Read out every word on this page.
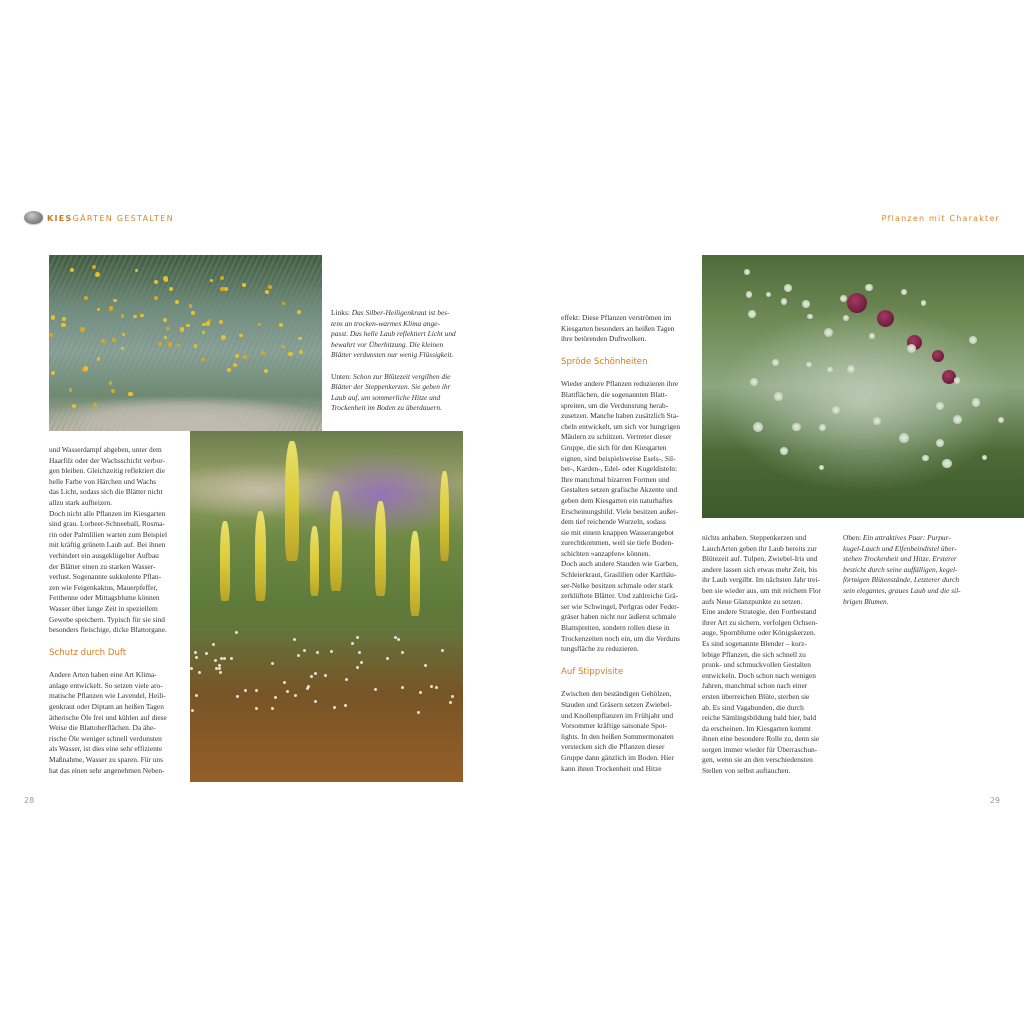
KIESGÄRTEN GESTALTEN	Pflanzen mit Charakter
Links: Das Silber-Heiligenkraut ist bes-
tens an trocken-warmes Klima ange-
passt. Das helle Laub reflektiert Licht und
bewahrt vor Überhitzung. Die kleinen
Blätter verdunsten nur wenig Flüssigkeit.

Unten: Schon zur Blütezeit vergilben die
Blätter der Steppenkerzen. Sie geben ihr
Laub auf, um sommerliche Hitze und
Trockenheit im Boden zu überdauern.
und Wasserdampf abgeben, unter dem
Haarfilz oder der Wachsschicht verbor-
gen bleiben. Gleichzeitig reflektiert die
helle Farbe von Härchen und Wachs
das Licht, sodass sich die Blätter nicht
allzu stark aufheizen.
Doch nicht alle Pflanzen im Kiesgarten
sind grau. Lorbeer-Schneeball, Rosma-
rin oder Palmlilien warten zum Beispiel
mit kräftig grünem Laub auf. Bei ihnen
verhindert ein ausgeklügelter Aufbau
der Blätter einen zu starken Wasser-
verlust. Sogenannte sukkulente Pflan-
zen wie Feigenkaktus, Mauerpfeffer,
Fetthenne oder Mittagsblume können
Wasser über lange Zeit in speziellem
Gewebe speichern. Typisch für sie sind
besonders fleischige, dicke Blattorgane.
Schutz durch Duft
Andere Arten haben eine Art Klima-
anlage entwickelt. So setzen viele aro-
matische Pflanzen wie Lavendel, Heili-
genkraut oder Diptam an heißen Tagen
ätherische Öle frei und kühlen auf diese
Weise die Blattoberflächen. Da ähe-
rische Öle weniger schnell verdunsten
als Wasser, ist dies eine sehr effiziente
Maßnahme, Wasser zu sparen. Für uns
hat das einen sehr angenehmen Neben-
effekt: Diese Pflanzen verströmen im
Kiesgarten besonders an heißen Tagen
ihre betörenden Duftwolken.
Spröde Schönheiten
Wieder andere Pflanzen reduzieren ihre
Blattflächen, die sogenannten Blatt-
spreiten, um die Verdunstung herab-
zusetzen. Manche haben zusätzlich Sta-
cheln entwickelt, um sich vor hungrigen
Mäulern zu schützen. Vertreter dieser
Gruppe, die sich für den Kiesgarten
eignen, sind beispielsweise Esels-, Sil-
ber-, Karden-, Edel- oder Kugeldisteln:
Ihre manchmal bizarren Formen und
Gestalten setzen grafische Akzente und
geben dem Kiesgarten ein naturhaftes
Erscheinungsbild. Viele besitzen außer-
dem tief reichende Wurzeln, sodass
sie mit einem knappen Wasserangebot
zurechtkommen, weil sie tiefe Boden-
schichten »anzapfen« können.
Doch auch andere Stauden wie Garben,
Schleierkraut, Graslilien oder Karthäu-
ser-Nelke besitzen schmale oder stark
zerklüftete Blätter. Und zahlreiche Grä-
ser wie Schwingel, Perlgras oder Feder-
gräser haben nicht nur äußerst schmale
Blattspreiten, sondern rollen diese in
Trockenzeiten noch ein, um die Verduns
tungsfläche zu reduzieren.
Auf Stippvisite
Zwischen den beständigen Gehölzen,
Stauden und Gräsern setzen Zwiebel-
und Knollenpflanzen im Frühjahr und
Vorsommer kräftige saisonale Spot-
lights. In den heißen Sommermonaten
verstecken sich die Pflanzen dieser
Gruppe dann gänzlich im Boden. Hier
kann ihnen Trockenheit und Hitze
nichts anhaben. Steppenkerzen und
LauchArten geben ihr Laub bereits zur
Blütezeit auf. Tulpen, Zwiebel-Iris und
andere lassen sich etwas mehr Zeit, bis
ihr Laub vergilbt. Im nächsten Jahr trei-
ben sie wieder aus, um mit reichem Flor
aufs Neue Glanzpunkte zu setzen.
Eine andere Strategie, den Fortbestand
ihrer Art zu sichern, verfolgen Ochsen-
auge, Spornblume oder Königskerzen.
Es sind sogenannte Blender – kurz-
lebige Pflanzen, die sich schnell zu
prunk- und schmuckvollen Gestalten
entwickeln. Doch schon nach wenigen
Jahren, manchmal schon nach einer
ersten überreichen Blüte, sterben sie
ab. Es sind Vagabunden, die durch
reiche Sämlingsbildung bald hier, bald
da erscheinen. Im Kiesgarten kommt
ihnen eine besondere Rolle zu, denn sie
sorgen immer wieder für Überraschun-
gen, wenn sie an den verschiedensten
Stellen von selbst auftauchen.
Oben: Ein attraktives Paar: Purpur-
kugel-Lauch und Elfenbeindistel über-
stehen Trockenheit und Hitze. Ersterer
besticht durch seine auffälligen, kegel-
förmigen Blütenstände, Letzterer durch
sein elegantes, graues Laub und die sil-
brigen Blumen.
28	29
